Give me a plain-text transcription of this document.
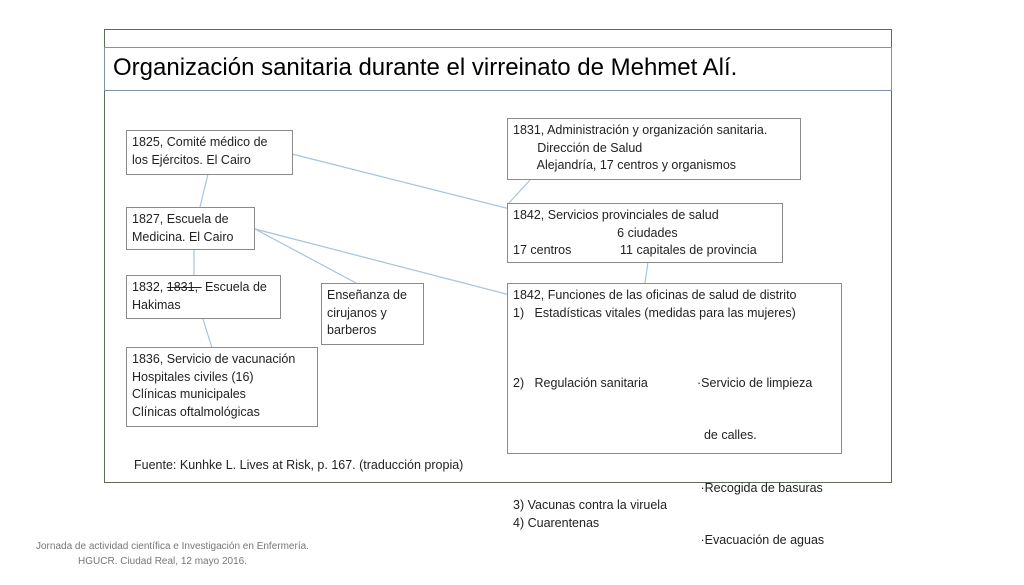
Organización sanitaria durante el virreinato de Mehmet Alí.
1825, Comité médico de
los Ejércitos. El Cairo
1827, Escuela de
Medicina. El Cairo
1832, 1831,  Escuela de
Hakimas
1836, Servicio de vacunación
Hospitales civiles (16)
Clínicas municipales
Clínicas oftalmológicas
Enseñanza de
cirujanos y
barberos
1831, Administración y organización sanitaria.
Dirección de Salud
Alejandría, 17 centros y organismos
1842, Servicios provinciales de salud
6 ciudades
17 centros              11 capitales de provincia
1842, Funciones de las oficinas de salud de distrito
1)   Estadísticas vitales (medidas para las mujeres)

2)   Regulación sanitaria

	·Servicio de limpieza

de calles.

·Recogida de basuras

·Evacuación de aguas

3) Vacunas contra la viruela
4) Cuarentenas
Fuente: Kunhke L. Lives at Risk, p. 167. (traducción propia)
Jornada de actividad científica e Investigación en Enfermería.
HGUCR. Ciudad Real, 12 mayo 2016.
